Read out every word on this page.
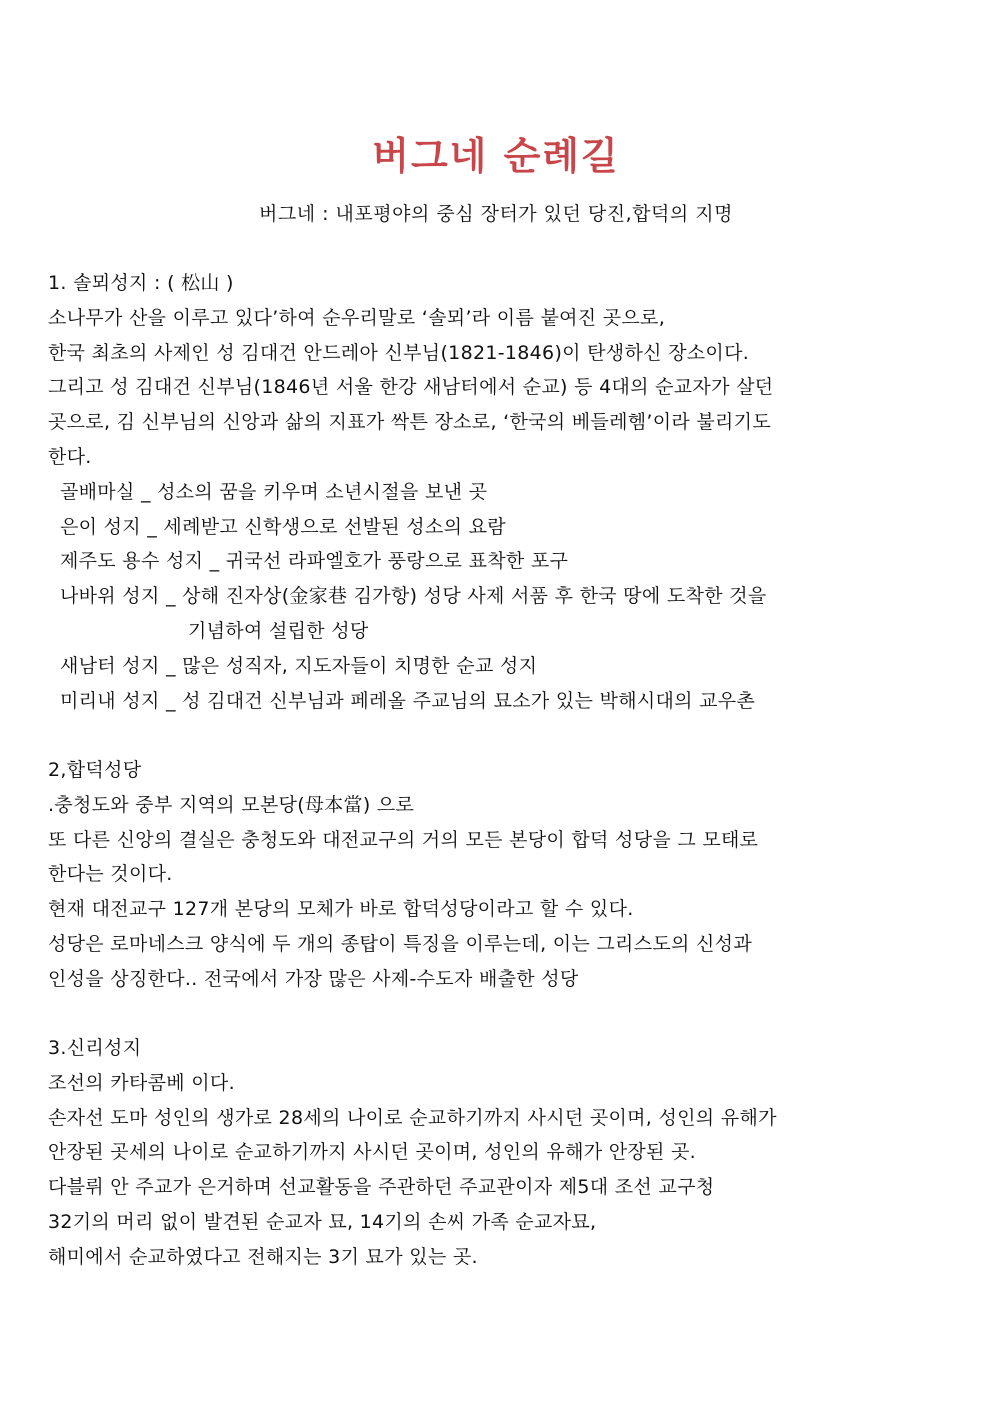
버그네 순례길
버그네 : 내포평야의 중심 장터가 있던 당진,합덕의 지명
1. 솔뫼성지 : ( 松山 )
소나무가 산을 이루고 있다’하여 순우리말로 ‘솔뫼’라 이름 붙여진 곳으로,
한국 최초의 사제인 성 김대건 안드레아 신부님(1821-1846)이 탄생하신 장소이다.
그리고 성 김대건 신부님(1846년 서울 한강 새남터에서 순교) 등 4대의 순교자가 살던
곳으로, 김 신부님의 신앙과 삶의 지표가 싹튼 장소로, ‘한국의 베들레헴’이라 불리기도
한다.
골배마실 _ 성소의 꿈을 키우며 소년시절을 보낸 곳
은이 성지 _ 세례받고 신학생으로 선발된 성소의 요람
제주도 용수 성지 _ 귀국선 라파엘호가 풍랑으로 표착한 포구
나바위 성지 _ 상해 진자상(金家巷 김가항) 성당 사제 서품 후 한국 땅에 도착한 것을
기념하여 설립한 성당
새남터 성지 _ 많은 성직자, 지도자들이 치명한 순교 성지
미리내 성지 _ 성 김대건 신부님과 페레올 주교님의 묘소가 있는 박해시대의 교우촌
2,합덕성당
.충청도와 중부 지역의 모본당(母本當) 으로
또 다른 신앙의 결실은 충청도와 대전교구의 거의 모든 본당이 합덕 성당을 그 모태로
한다는 것이다.
현재 대전교구 127개 본당의 모체가 바로 합덕성당이라고 할 수 있다.
성당은 로마네스크 양식에 두 개의 종탑이 특징을 이루는데, 이는 그리스도의 신성과
인성을 상징한다.. 전국에서 가장 많은 사제-수도자 배출한 성당
3.신리성지
조선의 카타콤베 이다.
손자선 도마 성인의 생가로 28세의 나이로 순교하기까지 사시던 곳이며, 성인의 유해가
안장된 곳세의 나이로 순교하기까지 사시던 곳이며, 성인의 유해가 안장된 곳.
다블뤼 안 주교가 은거하며 선교활동을 주관하던 주교관이자 제5대 조선 교구청
32기의 머리 없이 발견된 순교자 묘, 14기의 손씨 가족 순교자묘,
해미에서 순교하였다고 전해지는 3기 묘가 있는 곳.
